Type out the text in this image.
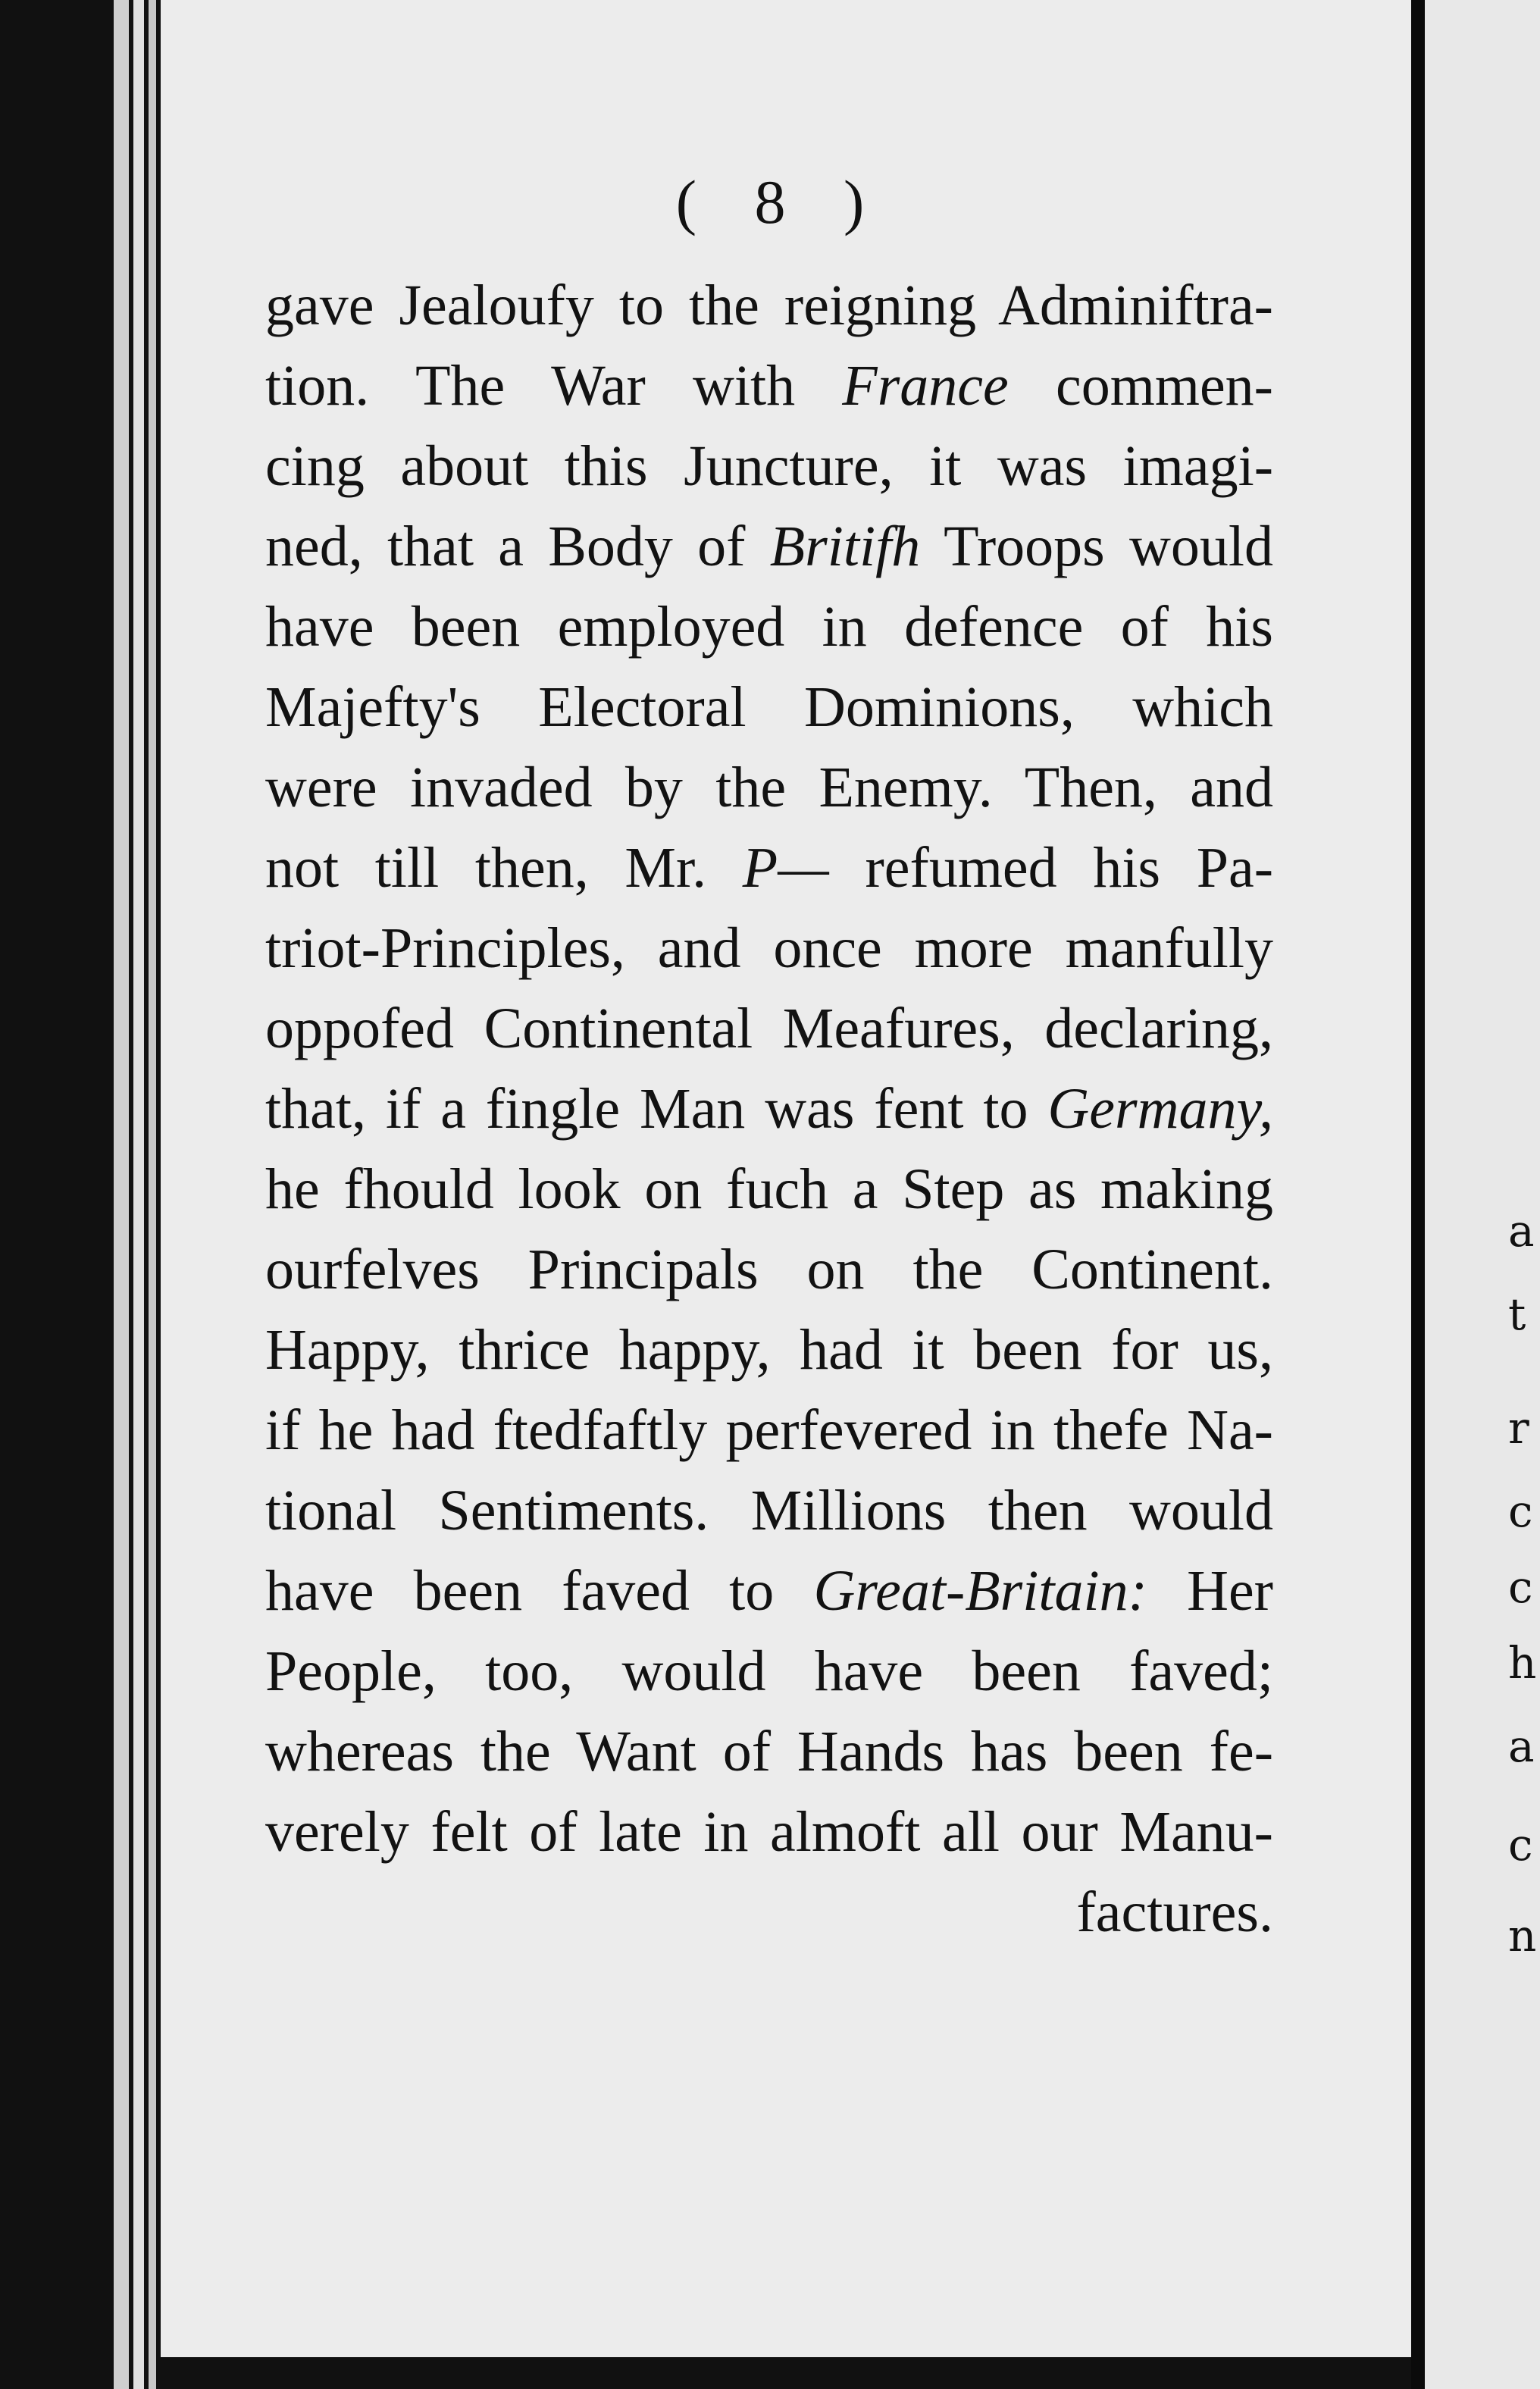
( 8 )
gave Jealoufy to the reigning Adminiftra-
tion. The War with France commen-
cing about this Juncture, it was imagi-
ned, that a Body of Britifh Troops would
have been employed in defence of his
Majefty's Electoral Dominions, which
were invaded by the Enemy. Then, and
not till then, Mr. P— refumed his Pa-
triot-Principles, and once more manfully
oppofed Continental Meafures, declaring,
that, if a fingle Man was fent to Germany,
he fhould look on fuch a Step as making
ourfelves Principals on the Continent.
Happy, thrice happy, had it been for us,
if he had ftedfaftly perfevered in thefe Na-
tional Sentiments. Millions then would
have been faved to Great-Britain: Her
People, too, would have been faved;
whereas the Want of Hands has been fe-
verely felt of late in almoft all our Manu-
factures.
a
t
r
c
c
h
a
c
n
